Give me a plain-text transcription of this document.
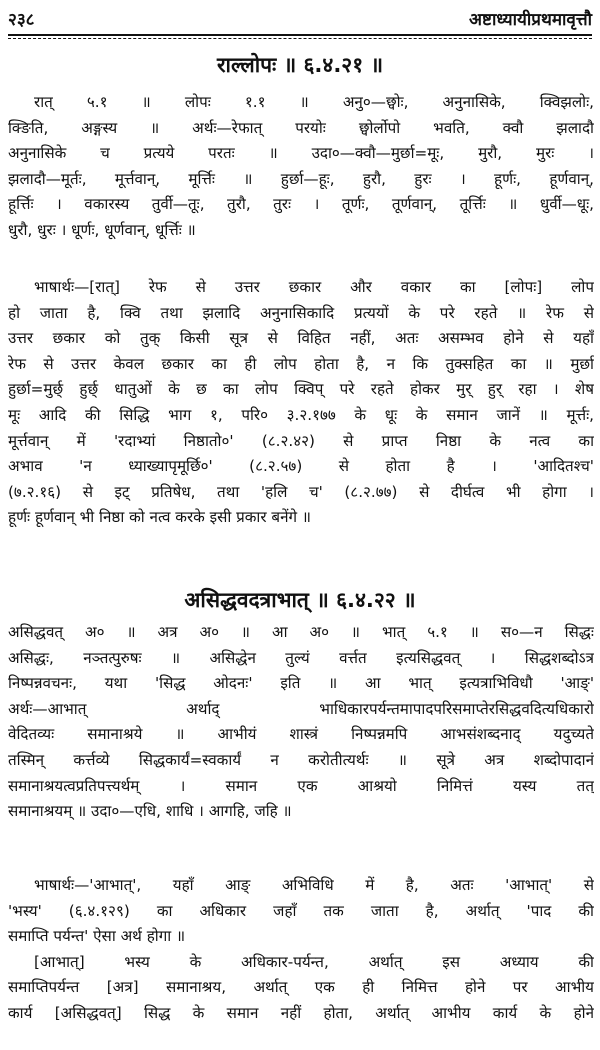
२३८	अष्टाध्यायीप्रथमावृत्तौ
राल्लोपः ॥ ६.४.२१ ॥
रात् ५.१ ॥ लोपः १.१ ॥ अनु०—छ्वोः, अनुनासिके, क्विझलोः,
क्ङिति, अङ्गस्य ॥ अर्थः—रेफात् परयोः छ्वोर्लोपो भवति, क्वौ झलादौ
अनुनासिके च प्रत्यये परतः ॥ उदा०—क्वौ—मुर्छा=मूः, मुरौ, मुरः ।
झलादौ—मूर्तः, मूर्त्तवान्, मूर्त्तिः ॥ हुर्छा—हूः, हुरौ, हुरः । हूर्णः, हूर्णवान्,
हूर्त्तिः । वकारस्य तुर्वी—तूः, तुरौ, तुरः । तूर्णः, तूर्णवान्, तूर्त्तिः ॥ धुर्वी—धूः,
धुरौ, धुरः । धूर्णः, धूर्णवान्, धूर्त्तिः ॥
भाषार्थः—[रात्] रेफ से उत्तर छकार और वकार का [लोपः] लोप
हो जाता है, क्वि तथा झलादि अनुनासिकादि प्रत्ययों के परे रहते ॥ रेफ से
उत्तर छकार को तुक् किसी सूत्र से विहित नहीं, अतः असम्भव होने से यहाँ
रेफ से उत्तर केवल छकार का ही लोप होता है, न कि तुक्सहित का ॥ मुर्छा
हुर्छा=मुर्छ् हुर्छ् धातुओं के छ का लोप क्विप् परे रहते होकर मुर् हुर् रहा । शेष
मूः आदि की सिद्धि भाग १, परि० ३.२.१७७ के धूः के समान जानें ॥ मूर्त्तः,
मूर्त्तवान् में 'रदाभ्यां निष्ठातो०' (८.२.४२) से प्राप्त निष्ठा के नत्व का
अभाव 'न ध्याख्यापृमूर्छि०' (८.२.५७) से होता है । 'आदितश्च'
(७.२.१६) से इट् प्रतिषेध, तथा 'हलि च' (८.२.७७) से दीर्घत्व भी होगा ।
हूर्णः हूर्णवान् भी निष्ठा को नत्व करके इसी प्रकार बनेंगे ॥
असिद्धवदत्राभात् ॥ ६.४.२२ ॥
असिद्धवत् अ० ॥ अत्र अ० ॥ आ अ० ॥ भात् ५.१ ॥ स०—न सिद्धः
असिद्धः, नञ्तत्पुरुषः ॥ असिद्धेन तुल्यं वर्त्तत इत्यसिद्धवत् । सिद्धशब्दोऽत्र
निष्पन्नवचनः, यथा 'सिद्ध ओदनः' इति ॥ आ भात् इत्यत्राभिविधौ 'आङ्'
अर्थः—आभात् अर्थाद् भाधिकारपर्यन्तमापादपरिसमाप्तेरसिद्धवदित्यधिकारो
वेदितव्यः समानाश्रये ॥ आभीयं शास्त्रं निष्पन्नमपि आभसंशब्दनाद् यदुच्यते
तस्मिन् कर्त्तव्ये सिद्धकार्यं=स्वकार्यं न करोतीत्यर्थः ॥ सूत्रे अत्र शब्दोपादानं
समानाश्रयत्वप्रतिपत्त्यर्थम् । समान एक आश्रयो निमित्तं यस्य तत्
समानाश्रयम् ॥ उदा०—एधि, शाधि । आगहि, जहि ॥
भाषार्थः—'आभात्', यहाँ आङ् अभिविधि में है, अतः 'आभात्' से
'भस्य' (६.४.१२९) का अधिकार जहाँ तक जाता है, अर्थात् 'पाद की
समाप्ति पर्यन्त' ऐसा अर्थ होगा ॥
[आभात्] भस्य के अधिकार-पर्यन्त, अर्थात् इस अध्याय की
समाप्तिपर्यन्त [अत्र] समानाश्रय, अर्थात् एक ही निमित्त होने पर आभीय
कार्य [असिद्धवत्] सिद्ध के समान नहीं होता, अर्थात् आभीय कार्य के होने
